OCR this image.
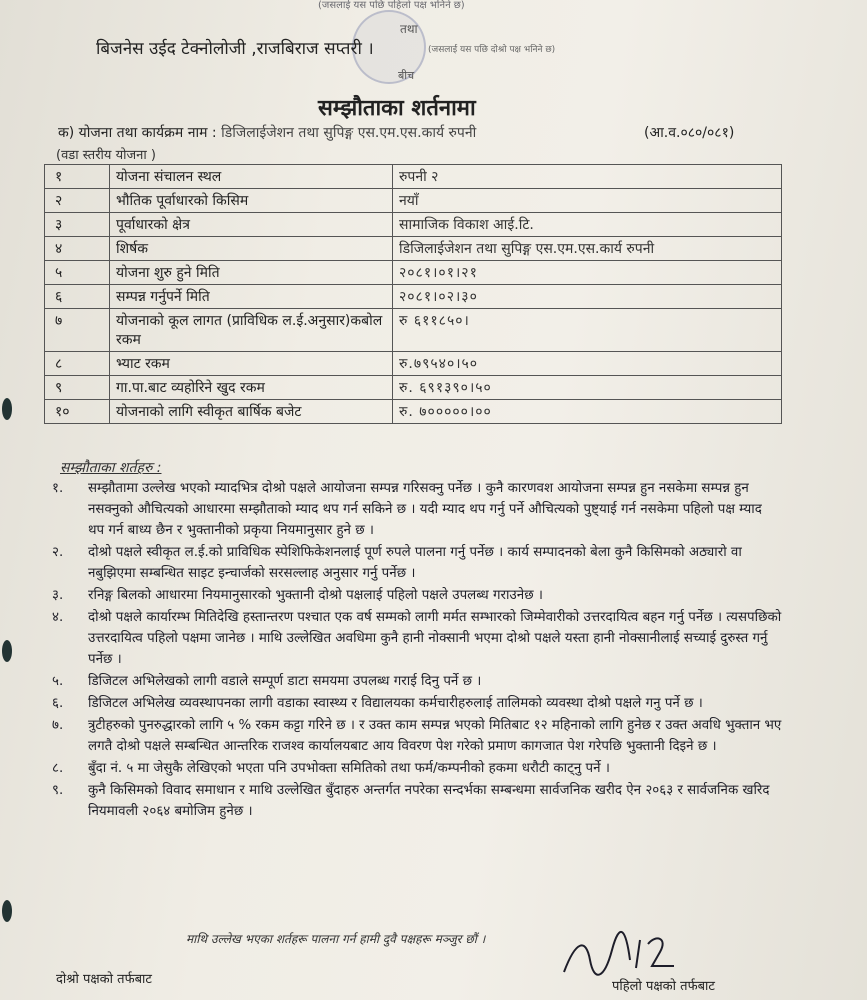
(जसलाई यस पछि पहिलो पक्ष भनिने छ)
तथा
बिजनेस उईद टेक्नोलोजी ,राजबिराज सप्तरी ।	(जसलाई यस पछि दोश्रो पक्ष भनिने छ)
बीच
सम्झौताका शर्तनामा
क) योजना तथा कार्यक्रम नाम : डिजिलाईजेशन तथा सुपिङ्ग एस.एम.एस.कार्य रुपनी	(आ.व.०८०/०८१)
(वडा स्तरीय योजना )
१	योजना संचालन स्थल	रुपनी २
२	भौतिक पूर्वाधारको किसिम	नयाँ
३	पूर्वाधारको क्षेत्र	सामाजिक विकाश आई.टि.
४	शिर्षक	डिजिलाईजेशन तथा सुपिङ्ग एस.एम.एस.कार्य रुपनी
५	योजना शुरु हुने मिति	२०८१।०१।२१
६	सम्पन्न गर्नुपर्ने मिति	२०८१।०२।३०
७	योजनाको कूल लागत (प्राविधिक ल.ई.अनुसार)कबोल रकम	रु ६११८५०।
८	भ्याट रकम	रु.७९५४०।५०
९	गा.पा.बाट व्यहोरिने खुद रकम	रु. ६९१३९०।५०
१०	योजनाको लागि स्वीकृत बार्षिक बजेट	रु. ७०००००।००
सम्झौताका शर्तहरु :
१.	सम्झौतामा उल्लेख भएको म्यादभित्र दोश्रो पक्षले आयोजना सम्पन्न गरिसक्नु पर्नेछ । कुनै कारणवश आयोजना सम्पन्न हुन नसकेमा सम्पन्न हुन नसक्नुको औचित्यको आधारमा सम्झौताको म्याद थप गर्न सकिने छ । यदी म्याद थप गर्नु पर्ने औचित्यको पुष्ट्याई गर्न नसकेमा पहिलो पक्ष म्याद थप गर्न बाध्य छैन र भुक्तानीको प्रकृया नियमानुसार हुने छ ।
२.	दोश्रो पक्षले स्वीकृत ल.ई.को प्राविधिक स्पेशिफिकेशनलाई पूर्ण रुपले पालना गर्नु पर्नेछ । कार्य सम्पादनको बेला कुनै किसिमको अठ्यारो वा नबुझिएमा सम्बन्धित साइट इन्चार्जको सरसल्लाह अनुसार गर्नु पर्नेछ ।
३.	रनिङ्ग बिलको आधारमा नियमानुसारको भुक्तानी दोश्रो पक्षलाई पहिलो पक्षले उपलब्ध गराउनेछ ।
४.	दोश्रो पक्षले कार्यारम्भ मितिदेखि हस्तान्तरण पश्चात एक वर्ष सम्मको लागी मर्मत सम्भारको जिम्मेवारीको उत्तरदायित्व बहन गर्नु पर्नेछ । त्यसपछिको उत्तरदायित्व पहिलो पक्षमा जानेछ । माथि उल्लेखित अवधिमा कुनै हानी नोक्सानी भएमा दोश्रो पक्षले यस्ता हानी नोक्सानीलाई सच्याई दुरुस्त गर्नु पर्नेछ ।
५.	डिजिटल अभिलेखको लागी वडाले सम्पूर्ण डाटा समयमा उपलब्ध गराई दिनु पर्ने छ ।
६.	डिजिटल अभिलेख व्यवस्थापनका लागी वडाका स्वास्थ्य र विद्यालयका कर्मचारीहरुलाई तालिमको व्यवस्था दोश्रो पक्षले गनु पर्ने छ ।
७.	त्रुटीहरुको पुनरुद्धारको लागि ५ % रकम कट्टा गरिने छ । र उक्त काम सम्पन्न भएको मितिबाट १२ महिनाको लागि हुनेछ र उक्त अवधि भुक्तान भए लगतै दोश्रो पक्षले सम्बन्धित आन्तरिक राजश्व कार्यालयबाट आय विवरण पेश गरेको प्रमाण कागजात पेश गरेपछि भुक्तानी दिइने छ ।
८.	बुँदा नं. ५ मा जेसुकै लेखिएको भएता पनि उपभोक्ता समितिको तथा फर्म/कम्पनीको हकमा धरौटी काट्नु पर्ने ।
९.	कुनै किसिमको विवाद समाधान र माथि उल्लेखित बुँदाहरु अन्तर्गत नपरेका सन्दर्भका सम्बन्धमा सार्वजनिक खरीद ऐन २०६३ र सार्वजनिक खरिद नियमावली २०६४ बमोजिम हुनेछ ।
माथि उल्लेख भएका शर्तहरू पालना गर्न हामी दुवै पक्षहरू मञ्जुर छौं ।
दोश्रो पक्षको तर्फबाट	पहिलो पक्षको तर्फबाट
